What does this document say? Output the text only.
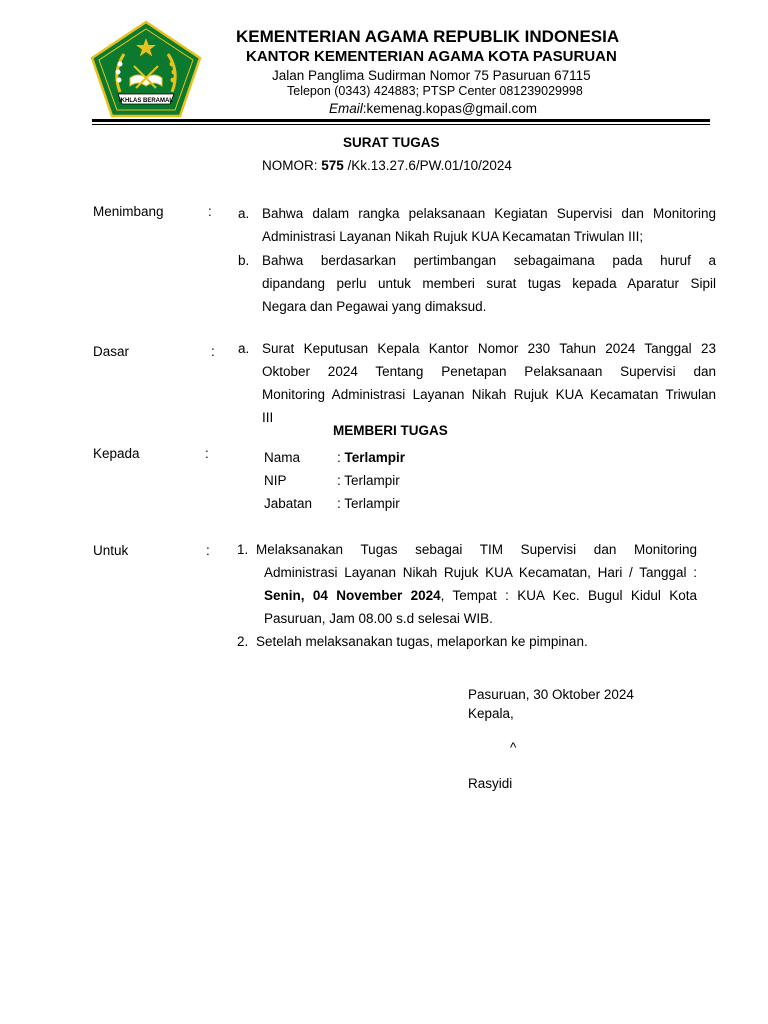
IKHLAS BERAMAL
KEMENTERIAN AGAMA REPUBLIK INDONESIA
KANTOR KEMENTERIAN AGAMA KOTA PASURUAN
Jalan Panglima Sudirman Nomor 75 Pasuruan 67115
Telepon (0343) 424883; PTSP Center 081239029998
Email:kemenag.kopas@gmail.com
SURAT TUGAS
NOMOR: 575 /Kk.13.27.6/PW.01/10/2024
Menimbang	: a. Bahwa dalam rangka pelaksanaan Kegiatan Supervisi dan Monitoring
Administrasi Layanan Nikah Rujuk KUA Kecamatan Triwulan III;
b. Bahwa berdasarkan pertimbangan sebagaimana pada huruf a
dipandang perlu untuk memberi surat tugas kepada Aparatur Sipil
Negara dan Pegawai yang dimaksud.
Dasar	: a. Surat Keputusan Kepala Kantor Nomor 230 Tahun 2024 Tanggal 23
Oktober 2024 Tentang Penetapan Pelaksanaan Supervisi dan
Monitoring Administrasi Layanan Nikah Rujuk KUA Kecamatan Triwulan
III
MEMBERI TUGAS
Kepada	:	Nama	: Terlampir
NIP	: Terlampir
Jabatan : Terlampir
Untuk	: 1. Melaksanakan Tugas sebagai TIM Supervisi dan Monitoring
Administrasi Layanan Nikah Rujuk KUA Kecamatan, Hari / Tanggal :
Senin, 04 November 2024, Tempat : KUA Kec. Bugul Kidul Kota
Pasuruan, Jam 08.00 s.d selesai WIB.
2. Setelah melaksanakan tugas, melaporkan ke pimpinan.
Pasuruan, 30 Oktober 2024
Kepala,
^
Rasyidi
